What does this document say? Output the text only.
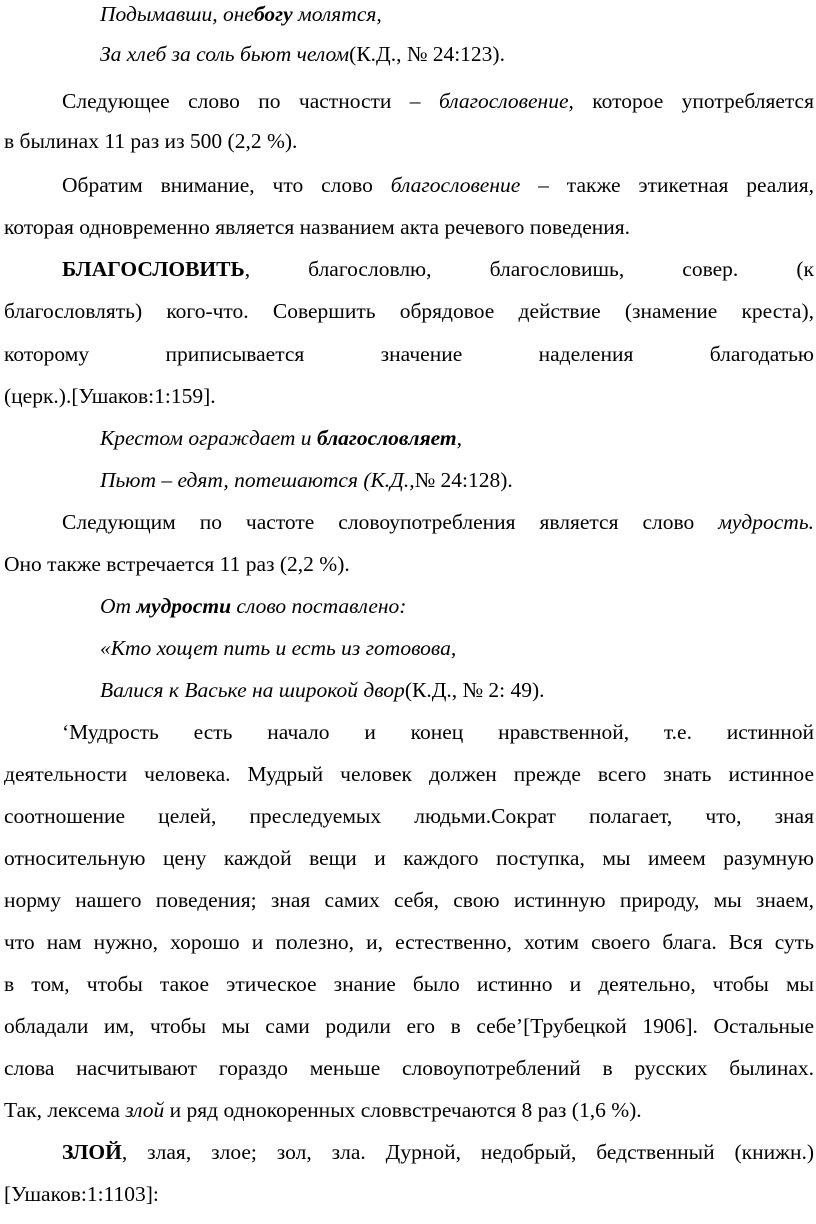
Подымавши, онебогу молятся,
За хлеб за соль бьют челом(К.Д., № 24:123).
Следующее слово по частности – благословение, которое употребляется
в былинах 11 раз из 500 (2,2 %).
Обратим внимание, что слово благословение – также этикетная реалия,
которая одновременно является названием акта речевого поведения.
БЛАГОСЛОВИТЬ, благословлю, благословишь, совер. (к
благословлять) кого-что. Совершить обрядовое действие (знамение креста),
которому приписывается значение наделения благодатью
(церк.).[Ушаков:1:159].
Крестом ограждает и благословляет,
Пьют – едят, потешаются (К.Д.,№ 24:128).
Следующим по частоте словоупотребления является слово мудрость.
Оно также встречается 11 раз (2,2 %).
От мудрости слово поставлено:
«Кто хощет пить и есть из готовова,
Валися к Ваське на широкой двор(К.Д., № 2: 49).
‘Мудрость есть начало и конец нравственной, т.е. истинной
деятельности человека. Мудрый человек должен прежде всего знать истинное
соотношение целей, преследуемых людьми.Сократ полагает, что, зная
относительную цену каждой вещи и каждого поступка, мы имеем разумную
норму нашего поведения; зная самих себя, свою истинную природу, мы знаем,
что нам нужно, хорошо и полезно, и, естественно, хотим своего блага. Вся суть
в том, чтобы такое этическое знание было истинно и деятельно, чтобы мы
обладали им, чтобы мы сами родили его в себе’[Трубецкой 1906]. Остальные
слова насчитывают гораздо меньше словоупотреблений в русских былинах.
Так, лексема злой и ряд однокоренных словвстречаются 8 раз (1,6 %).
ЗЛОЙ, злая, злое; зол, зла. Дурной, недобрый, бедственный (книжн.)
[Ушаков:1:1103]:
